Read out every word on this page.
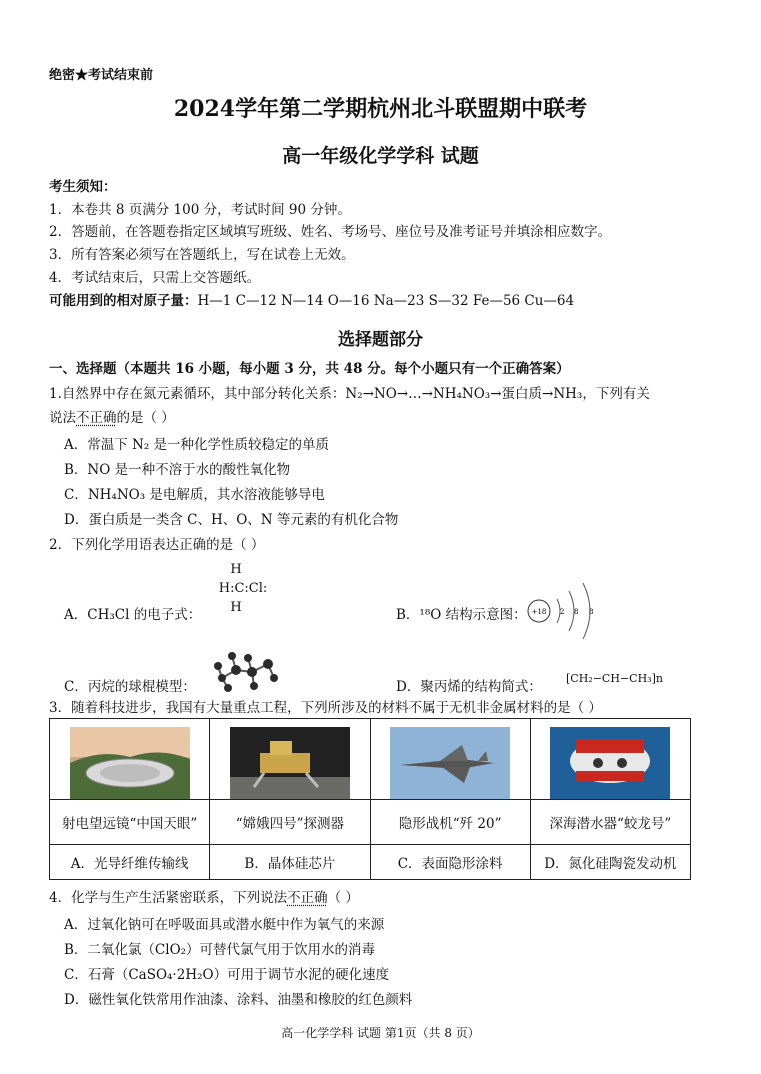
绝密★考试结束前
2024学年第二学期杭州北斗联盟期中联考
高一年级化学学科 试题
考生须知：
1．本卷共 8 页满分 100 分，考试时间 90 分钟。
2．答题前，在答题卷指定区域填写班级、姓名、考场号、座位号及准考证号并填涂相应数字。
3．所有答案必须写在答题纸上，写在试卷上无效。
4．考试结束后，只需上交答题纸。
可能用到的相对原子量：H—1 C—12 N—14 O—16 Na—23 S—32 Fe—56 Cu—64
选择题部分
一、选择题（本题共 16 小题，每小题 3 分，共 48 分。每个小题只有一个正确答案）
1.自然界中存在氮元素循环，其中部分转化关系：N₂→NO→…→NH₄NO₃→蛋白质→NH₃，下列有关
说法不正确的是（ ）
A．常温下 N₂ 是一种化学性质较稳定的单质
B．NO 是一种不溶于水的酸性氧化物
C．NH₄NO₃ 是电解质，其水溶液能够导电
D．蛋白质是一类含 C、H、O、N 等元素的有机化合物
2．下列化学用语表达正确的是（ ）
A．CH₃Cl 的电子式：
H
H:C:Cl:
H	B．¹⁸O 结构示意图： +18 2 8 8
C．丙烷的球棍模型：	D．聚丙烯的结构简式：
[CH₂−CH−CH₃]n
3．随着科技进步，我国有大量重点工程，下列所涉及的材料不属于无机非金属材料的是（ ）

射电望远镜“中国天眼”	“嫦娥四号”探测器	隐形战机“歼 20”	深海潜水器“蛟龙号”
A．光导纤维传输线	B．晶体硅芯片	C．表面隐形涂料	D．氮化硅陶瓷发动机
4．化学与生产生活紧密联系，下列说法不正确（ ）
A．过氧化钠可在呼吸面具或潜水艇中作为氧气的来源
B．二氧化氯（ClO₂）可替代氯气用于饮用水的消毒
C．石膏（CaSO₄·2H₂O）可用于调节水泥的硬化速度
D．磁性氧化铁常用作油漆、涂料、油墨和橡胶的红色颜料
高一化学学科 试题 第1页（共 8 页）
